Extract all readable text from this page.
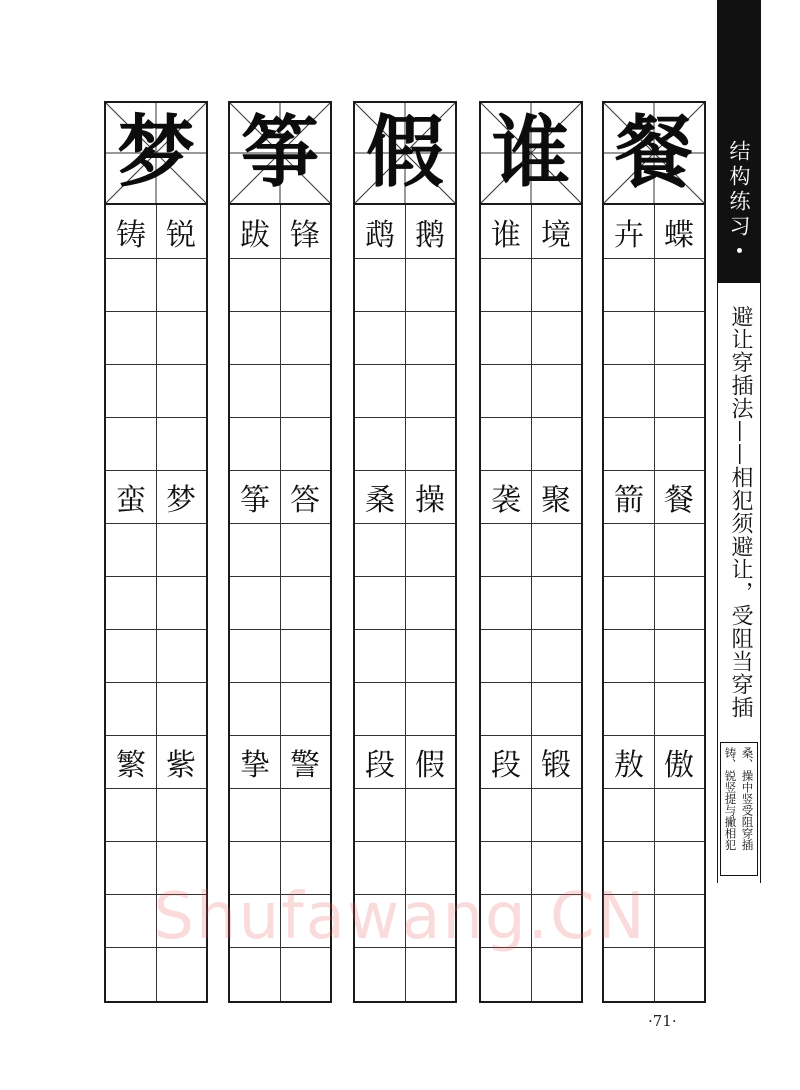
梦
铸 锐
蛮 梦
繁 紫
筝
跋 锋
筝 答
挚 警
假
鹉 鹅
桑 操
段 假
谁
谁 境
袭 聚
段 锻
餐
卉 蝶
箭 餐
敖 傲
结构练习
避让穿插法——相犯须避让，受阻当穿插
桑、操中竖受阻穿插
铸、锐竖提与撇相犯
·71·
Shufawang.CN
